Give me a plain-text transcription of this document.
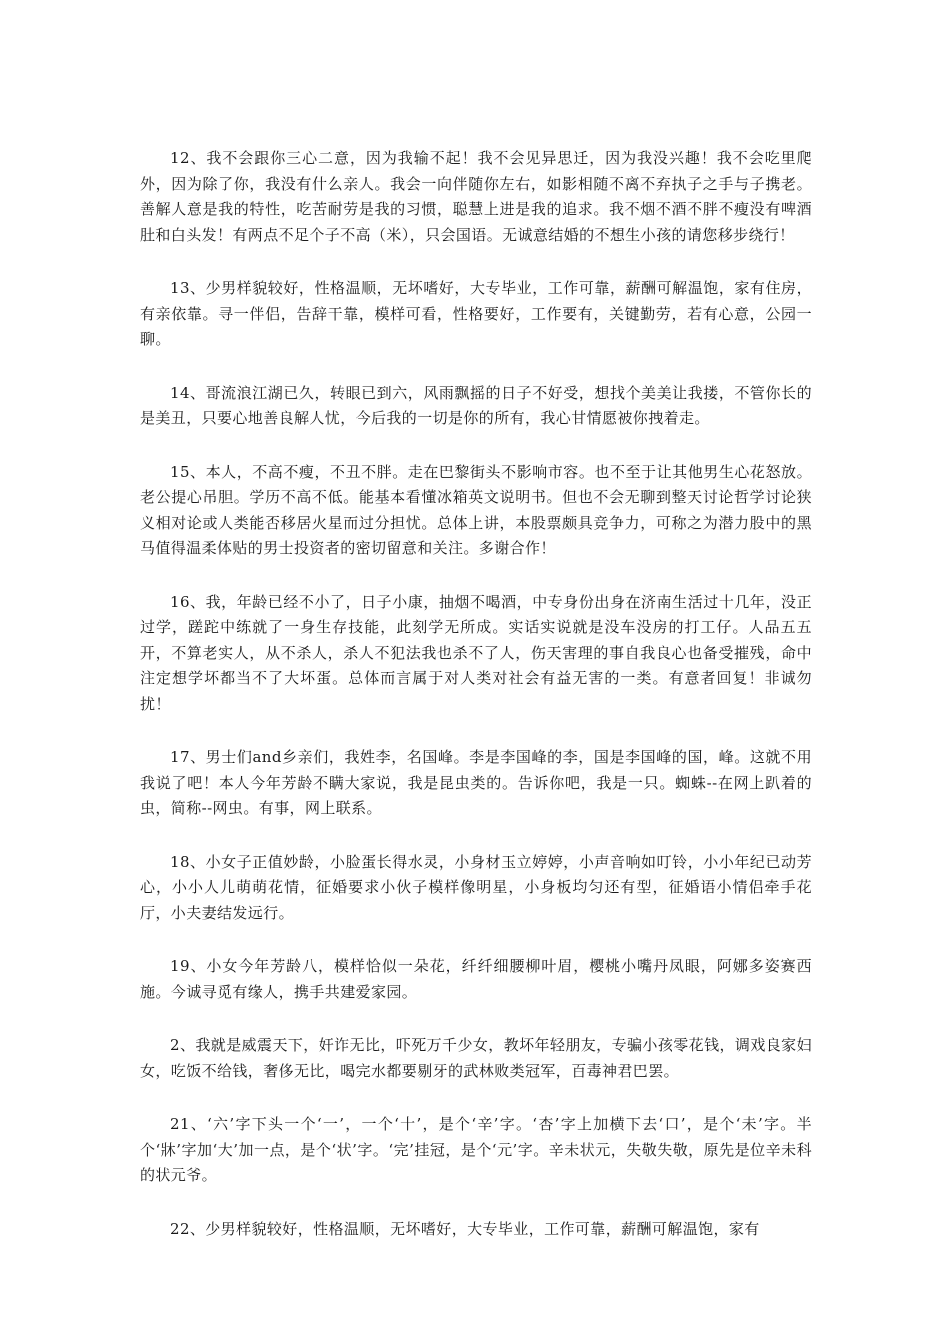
12、我不会跟你三心二意，因为我输不起！我不会见异思迁，因为我没兴趣！我不会吃里爬外，因为除了你，我没有什么亲人。我会一向伴随你左右，如影相随不离不弃执子之手与子携老。善解人意是我的特性，吃苦耐劳是我的习惯，聪慧上进是我的追求。我不烟不酒不胖不瘦没有啤酒肚和白头发！有两点不足个子不高（米），只会国语。无诚意结婚的不想生小孩的请您移步绕行！

13、少男样貌较好，性格温顺，无坏嗜好，大专毕业，工作可靠，薪酬可解温饱，家有住房，有亲依靠。寻一伴侣，告辞干靠，模样可看，性格要好，工作要有，关键勤劳，若有心意，公园一聊。

14、哥流浪江湖已久，转眼已到六，风雨飘摇的日子不好受，想找个美美让我搂，不管你长的是美丑，只要心地善良解人忧，今后我的一切是你的所有，我心甘情愿被你拽着走。

15、本人，不高不瘦，不丑不胖。走在巴黎街头不影响市容。也不至于让其他男生心花怒放。老公提心吊胆。学历不高不低。能基本看懂冰箱英文说明书。但也不会无聊到整天讨论哲学讨论狭义相对论或人类能否移居火星而过分担忧。总体上讲，本股票颇具竞争力，可称之为潜力股中的黑马值得温柔体贴的男士投资者的密切留意和关注。多谢合作！

16、我，年龄已经不小了，日子小康，抽烟不喝酒，中专身份出身在济南生活过十几年，没正过学，蹉跎中练就了一身生存技能，此刻学无所成。实话实说就是没车没房的打工仔。人品五五开，不算老实人，从不杀人，杀人不犯法我也杀不了人，伤天害理的事自我良心也备受摧残，命中注定想学坏都当不了大坏蛋。总体而言属于对人类对社会有益无害的一类。有意者回复！非诚勿扰！

17、男士们and乡亲们，我姓李，名国峰。李是李国峰的李，国是李国峰的国，峰。这就不用我说了吧！本人今年芳龄不瞒大家说，我是昆虫类的。告诉你吧，我是一只。蜘蛛--在网上趴着的虫，简称--网虫。有事，网上联系。

18、小女子正值妙龄，小脸蛋长得水灵，小身材玉立婷婷，小声音响如叮铃，小小年纪已动芳心，小小人儿萌萌花情，征婚要求小伙子模样像明星，小身板均匀还有型，征婚语小情侣牵手花厅，小夫妻结发远行。

19、小女今年芳龄八，模样恰似一朵花，纤纤细腰柳叶眉，樱桃小嘴丹凤眼，阿娜多姿赛西施。今诚寻觅有缘人，携手共建爱家园。

2、我就是威震天下，奸诈无比，吓死万千少女，教坏年轻朋友，专骗小孩零花钱，调戏良家妇女，吃饭不给钱，奢侈无比，喝完水都要剔牙的武林败类冠军，百毒神君巴罢。

21、‘六’字下头一个‘一’，一个‘十’，是个‘辛’字。‘杏’字上加横下去‘口’，是个‘未’字。半个‘牀’字加‘大’加一点，是个‘状’字。‘完’挂冠，是个‘元’字。辛未状元，失敬失敬，原先是位辛未科的状元爷。

22、少男样貌较好，性格温顺，无坏嗜好，大专毕业，工作可靠，薪酬可解温饱，家有
